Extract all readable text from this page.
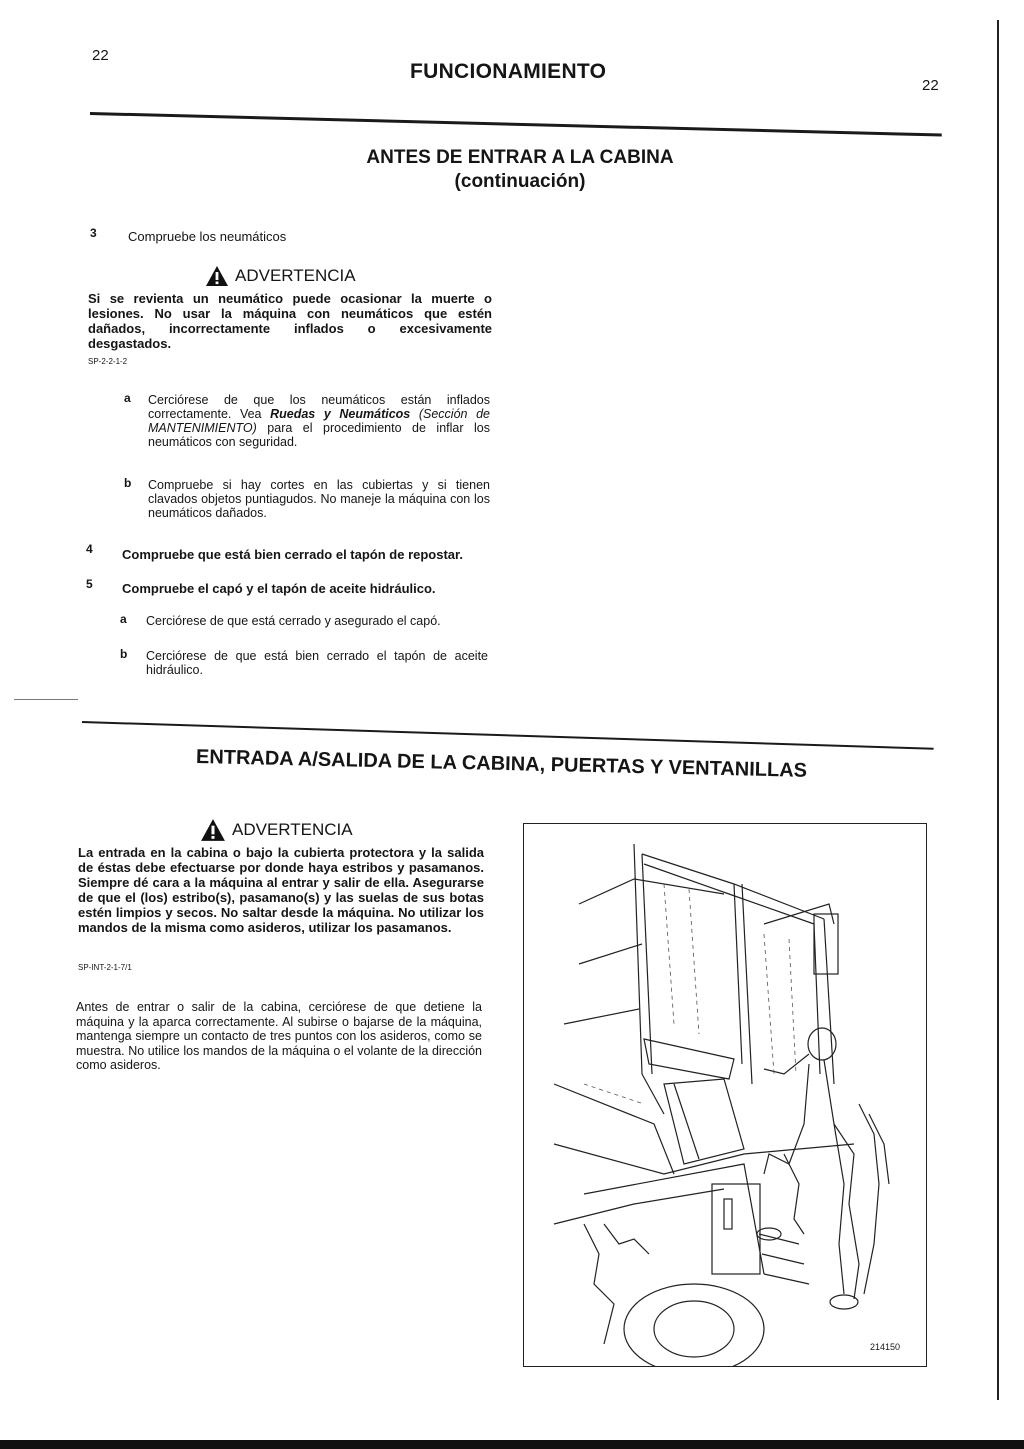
22
FUNCIONAMIENTO
22
ANTES DE ENTRAR A LA CABINA
(continuación)
3 Compruebe los neumáticos
ADVERTENCIA
Si se revienta un neumático puede ocasionar la muerte o lesiones. No usar la máquina con neumáticos que estén dañados, incorrectamente inflados o excesivamente desgastados.
SP-2-2-1-2
a Cerciórese de que los neumáticos están inflados correctamente. Vea Ruedas y Neumáticos (Sección de MANTENIMIENTO) para el procedimiento de inflar los neumáticos con seguridad.
b Compruebe si hay cortes en las cubiertas y si tienen clavados objetos puntiagudos. No maneje la máquina con los neumáticos dañados.
4 Compruebe que está bien cerrado el tapón de repostar.
5 Compruebe el capó y el tapón de aceite hidráulico.
a Cerciórese de que está cerrado y asegurado el capó.
b Cerciórese de que está bien cerrado el tapón de aceite hidráulico.
ENTRADA A/SALIDA DE LA CABINA, PUERTAS Y VENTANILLAS
ADVERTENCIA
La entrada en la cabina o bajo la cubierta protectora y la salida de éstas debe efectuarse por donde haya estribos y pasamanos. Siempre dé cara a la máquina al entrar y salir de ella. Asegurarse de que el (los) estribo(s), pasamano(s) y las suelas de sus botas estén limpios y secos. No saltar desde la máquina. No utilizar los mandos de la misma como asideros, utilizar los pasamanos.
SP-INT-2-1-7/1
Antes de entrar o salir de la cabina, cerciórese de que detiene la máquina y la aparca correctamente. Al subirse o bajarse de la máquina, mantenga siempre un contacto de tres puntos con los asideros, como se muestra. No utilice los mandos de la máquina o el volante de la dirección como asideros.
214150
